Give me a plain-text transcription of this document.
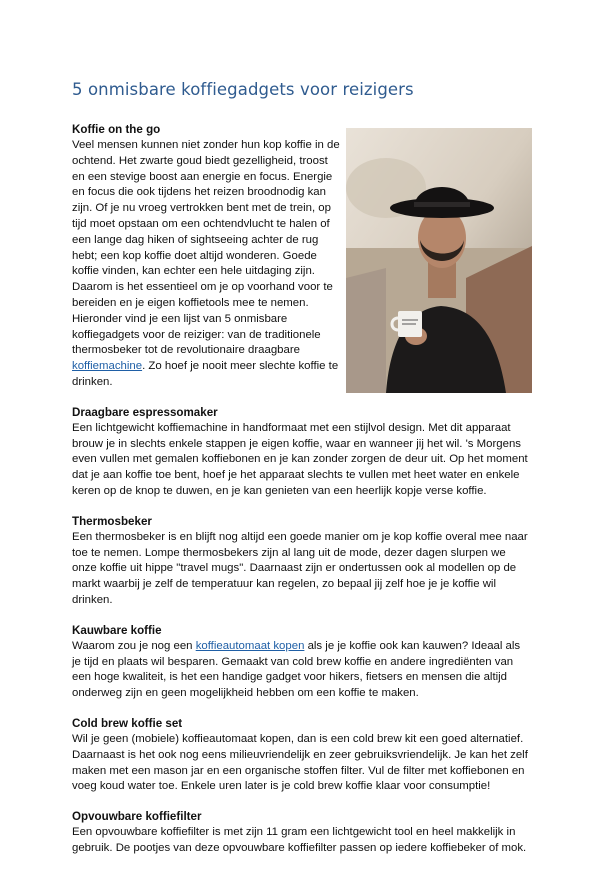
5 onmisbare koffiegadgets voor reizigers
Koffie on the go

Veel mensen kunnen niet zonder hun kop koffie in de ochtend. Het zwarte goud biedt gezelligheid, troost en een stevige boost aan energie en focus. Energie en focus die ook tijdens het reizen broodnodig kan zijn. Of je nu vroeg vertrokken bent met de trein, op tijd moet opstaan om een ochtendvlucht te halen of een lange dag hiken of sightseeing achter de rug hebt; een kop koffie doet altijd wonderen. Goede koffie vinden, kan echter een hele uitdaging zijn. Daarom is het essentieel om je op voorhand voor te bereiden en je eigen koffietools mee te nemen. Hieronder vind je een lijst van 5 onmisbare koffiegadgets voor de reiziger: van de traditionele thermosbeker tot de revolutionaire draagbare koffiemachine. Zo hoef je nooit meer slechte koffie te drinken.

Draagbare espressomaker

Een lichtgewicht koffiemachine in handformaat met een stijlvol design. Met dit apparaat brouw je in slechts enkele stappen je eigen koffie, waar en wanneer jij het wil. 's Morgens even vullen met gemalen koffiebonen en je kan zonder zorgen de deur uit. Op het moment dat je aan koffie toe bent, hoef je het apparaat slechts te vullen met heet water en enkele keren op de knop te duwen, en je kan genieten van een heerlijk kopje verse koffie.

Thermosbeker

Een thermosbeker is en blijft nog altijd een goede manier om je kop koffie overal mee naar toe te nemen. Lompe thermosbekers zijn al lang uit de mode, dezer dagen slurpen we onze koffie uit hippe "travel mugs". Daarnaast zijn er ondertussen ook al modellen op de markt waarbij je zelf de temperatuur kan regelen, zo bepaal jij zelf hoe je je koffie wil drinken.

Kauwbare koffie

Waarom zou je nog een koffieautomaat kopen als je je koffie ook kan kauwen? Ideaal als je tijd en plaats wil besparen. Gemaakt van cold brew koffie en andere ingrediënten van een hoge kwaliteit, is het een handige gadget voor hikers, fietsers en mensen die altijd onderweg zijn en geen mogelijkheid hebben om een koffie te maken.

Cold brew koffie set

Wil je geen (mobiele) koffieautomaat kopen, dan is een cold brew kit een goed alternatief. Daarnaast is het ook nog eens milieuvriendelijk en zeer gebruiksvriendelijk. Je kan het zelf maken met een mason jar en een organische stoffen filter. Vul de filter met koffiebonen en voeg koud water toe. Enkele uren later is je cold brew koffie klaar voor consumptie!

Opvouwbare koffiefilter

Een opvouwbare koffiefilter is met zijn 11 gram een lichtgewicht tool en heel makkelijk in gebruik. De pootjes van deze opvouwbare koffiefilter passen op iedere koffiebeker of mok.
